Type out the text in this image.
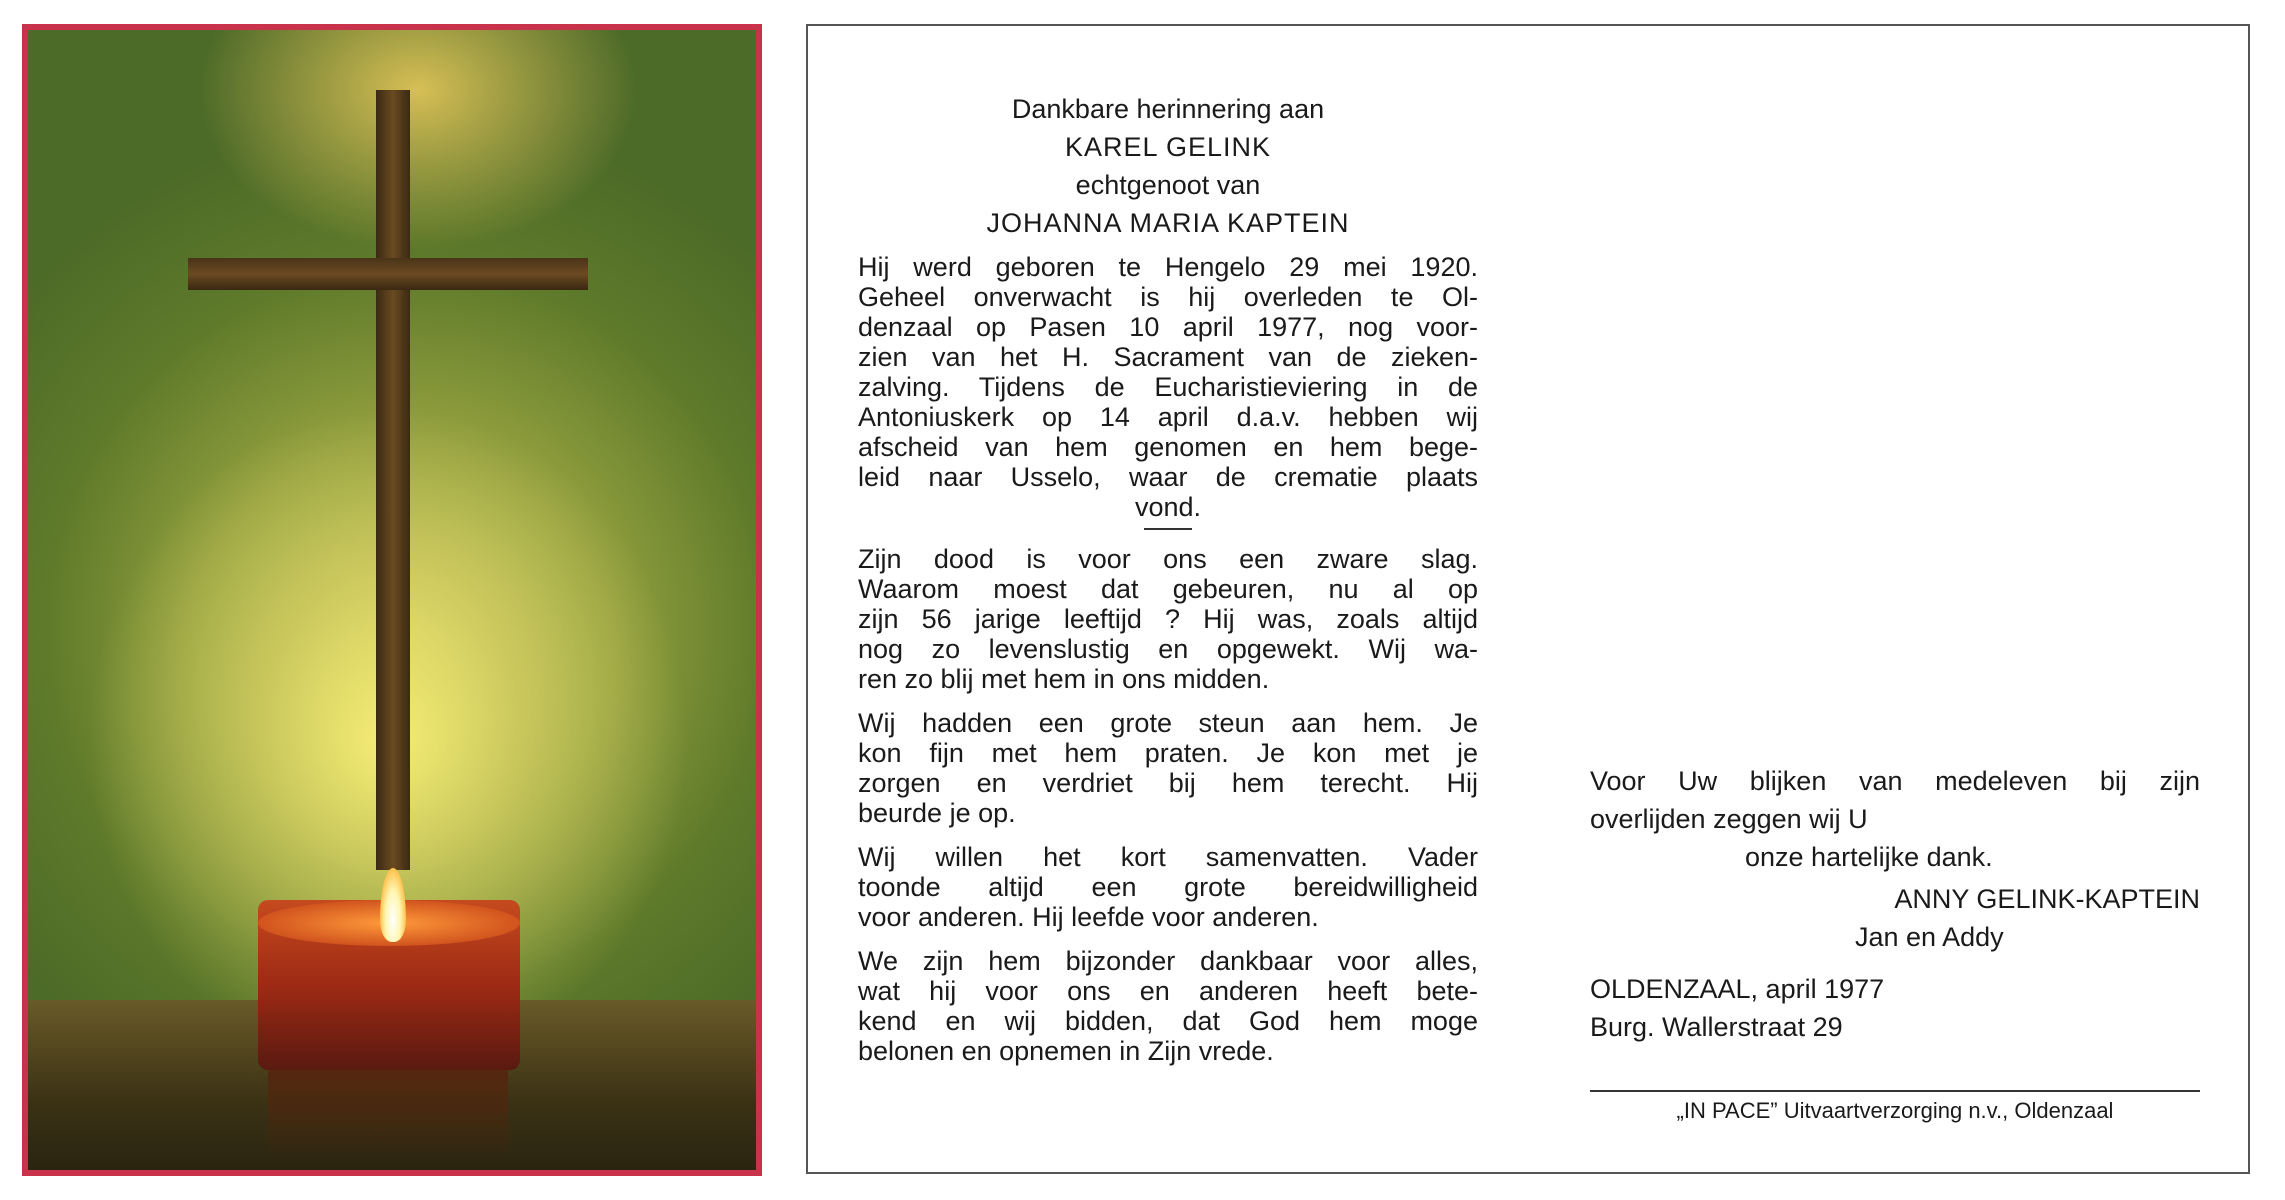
Dankbare herinnering aan
KAREL GELINK
echtgenoot van
JOHANNA MARIA KAPTEIN
Hij werd geboren te Hengelo 29 mei 1920.
Geheel onverwacht is hij overleden te Ol-
denzaal op Pasen 10 april 1977, nog voor-
zien van het H. Sacrament van de zieken-
zalving. Tijdens de Eucharistieviering in de
Antoniuskerk op 14 april d.a.v. hebben wij
afscheid van hem genomen en hem bege-
leid naar Usselo, waar de crematie plaats
vond.
Zijn dood is voor ons een zware slag.
Waarom moest dat gebeuren, nu al op
zijn 56 jarige leeftijd ? Hij was, zoals altijd
nog zo levenslustig en opgewekt. Wij wa-
ren zo blij met hem in ons midden.
Wij hadden een grote steun aan hem. Je
kon fijn met hem praten. Je kon met je
zorgen en verdriet bij hem terecht. Hij
beurde je op.
Wij willen het kort samenvatten. Vader
toonde altijd een grote bereidwilligheid
voor anderen. Hij leefde voor anderen.
We zijn hem bijzonder dankbaar voor alles,
wat hij voor ons en anderen heeft bete-
kend en wij bidden, dat God hem moge
belonen en opnemen in Zijn vrede.
Voor Uw blijken van medeleven bij zijn
overlijden zeggen wij U
onze hartelijke dank.
ANNY GELINK-KAPTEIN
Jan en Addy
OLDENZAAL, april 1977
Burg. Wallerstraat 29
„IN PACE” Uitvaartverzorging n.v., Oldenzaal
